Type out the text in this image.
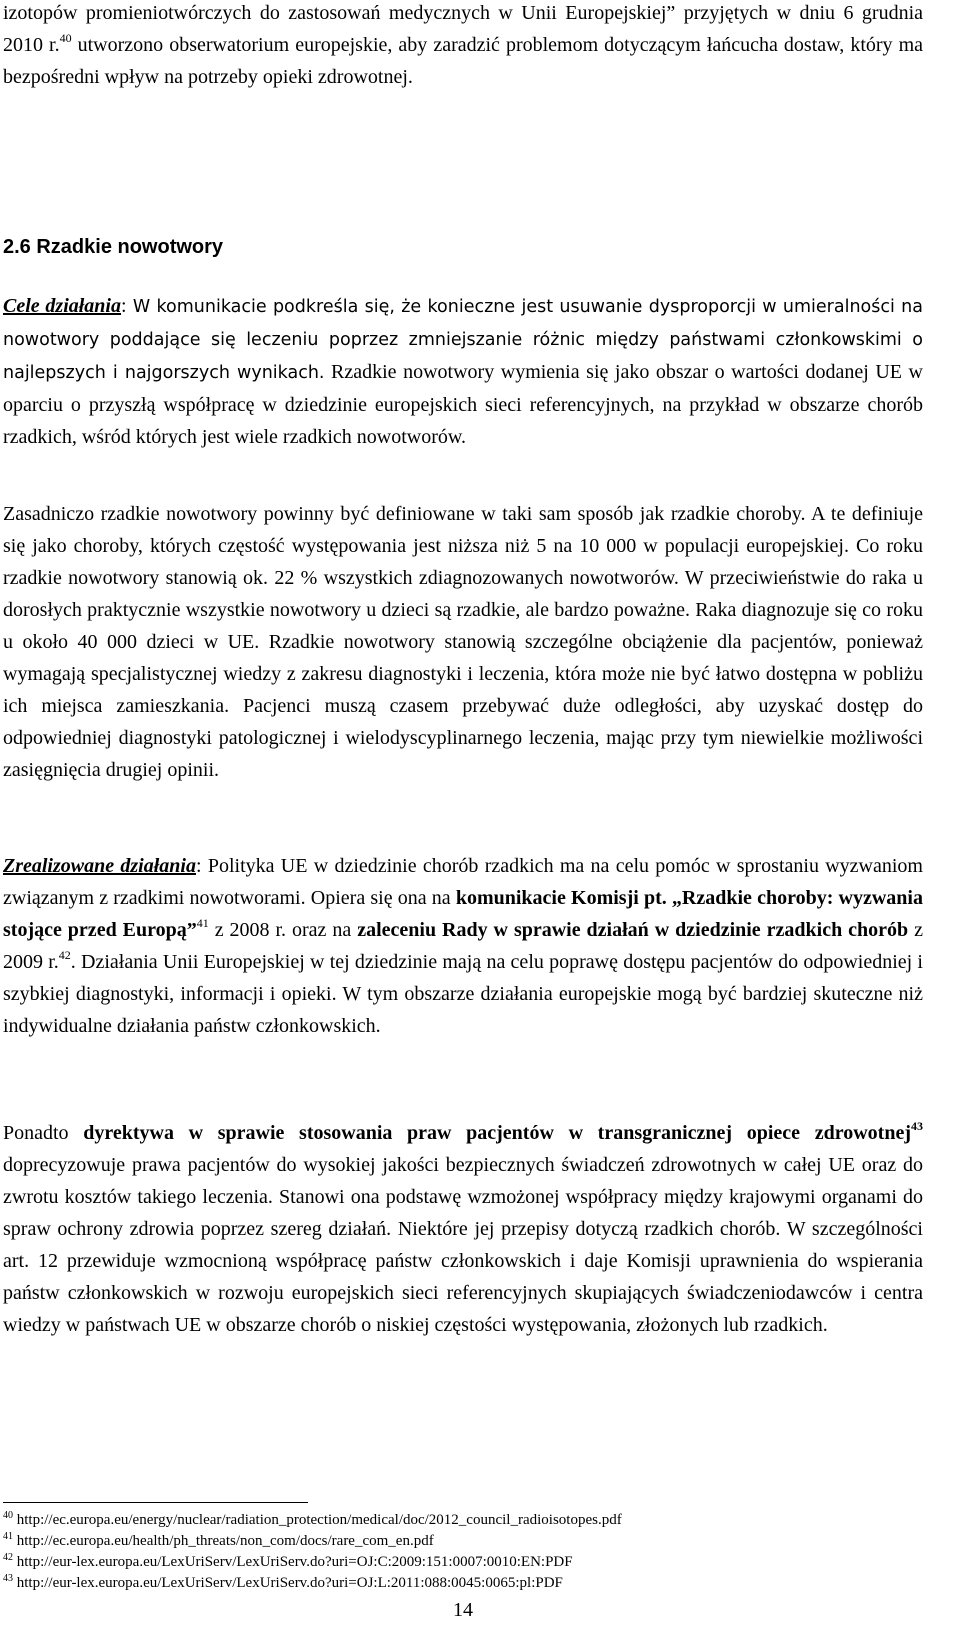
izotopów promieniotwórczych do zastosowań medycznych w Unii Europejskiej” przyjętych w dniu 6 grudnia 2010 r.$^{40}$ utworzono obserwatorium europejskie, aby zaradzić problemom dotyczącym łańcucha dostaw, który ma bezpośredni wpływ na potrzeby opieki zdrowotnej.

2.6 Rzadkie nowotwory

Cele działania: W komunikacie podkreśla się, że konieczne jest usuwanie dysproporcji w umieralności na nowotwory poddające się leczeniu poprzez zmniejszanie różnic między państwami członkowskimi o najlepszych i najgorszych wynikach. Rzadkie nowotwory wymienia się jako obszar o wartości dodanej UE w oparciu o przyszłą współpracę w dziedzinie europejskich sieci referencyjnych, na przykład w obszarze chorób rzadkich, wśród których jest wiele rzadkich nowotworów.

Zasadniczo rzadkie nowotwory powinny być definiowane w taki sam sposób jak rzadkie choroby. A te definiuje się jako choroby, których częstość występowania jest niższa niż 5 na 10 000 w populacji europejskiej. Co roku rzadkie nowotwory stanowią ok. 22 % wszystkich zdiagnozowanych nowotworów. W przeciwieństwie do raka u dorosłych praktycznie wszystkie nowotwory u dzieci są rzadkie, ale bardzo poważne. Raka diagnozuje się co roku u około 40 000 dzieci w UE. Rzadkie nowotwory stanowią szczególne obciążenie dla pacjentów, ponieważ wymagają specjalistycznej wiedzy z zakresu diagnostyki i leczenia, która może nie być łatwo dostępna w pobliżu ich miejsca zamieszkania. Pacjenci muszą czasem przebywać duże odległości, aby uzyskać dostęp do odpowiedniej diagnostyki patologicznej i wielodyscyplinarnego leczenia, mając przy tym niewielkie możliwości zasięgnięcia drugiej opinii.

Zrealizowane działania: Polityka UE w dziedzinie chorób rzadkich ma na celu pomóc w sprostaniu wyzwaniom związanym z rzadkimi nowotworami. Opiera się ona na komunikacie Komisji pt. „Rzadkie choroby: wyzwania stojące przed Europą”$^{41}$ z 2008 r. oraz na zaleceniu Rady w sprawie działań w dziedzinie rzadkich chorób z 2009 r.$^{42}$. Działania Unii Europejskiej w tej dziedzinie mają na celu poprawę dostępu pacjentów do odpowiedniej i szybkiej diagnostyki, informacji i opieki. W tym obszarze działania europejskie mogą być bardziej skuteczne niż indywidualne działania państw członkowskich.

Ponadto dyrektywa w sprawie stosowania praw pacjentów w transgranicznej opiece zdrowotnej$^{43}$ doprecyzowuje prawa pacjentów do wysokiej jakości bezpiecznych świadczeń zdrowotnych w całej UE oraz do zwrotu kosztów takiego leczenia. Stanowi ona podstawę wzmożonej współpracy między krajowymi organami do spraw ochrony zdrowia poprzez szereg działań. Niektóre jej przepisy dotyczą rzadkich chorób. W szczególności art. 12 przewiduje wzmocnioną współpracę państw członkowskich i daje Komisji uprawnienia do wspierania państw członkowskich w rozwoju europejskich sieci referencyjnych skupiających świadczeniodawców i centra wiedzy w państwach UE w obszarze chorób o niskiej częstości występowania, złożonych lub rzadkich.

$^{40}$ http://ec.europa.eu/energy/nuclear/radiation_protection/medical/doc/2012_council_radioisotopes.pdf
$^{41}$ http://ec.europa.eu/health/ph_threats/non_com/docs/rare_com_en.pdf
$^{42}$ http://eur-lex.europa.eu/LexUriServ/LexUriServ.do?uri=OJ:C:2009:151:0007:0010:EN:PDF
$^{43}$ http://eur-lex.europa.eu/LexUriServ/LexUriServ.do?uri=OJ:L:2011:088:0045:0065:pl:PDF
14
